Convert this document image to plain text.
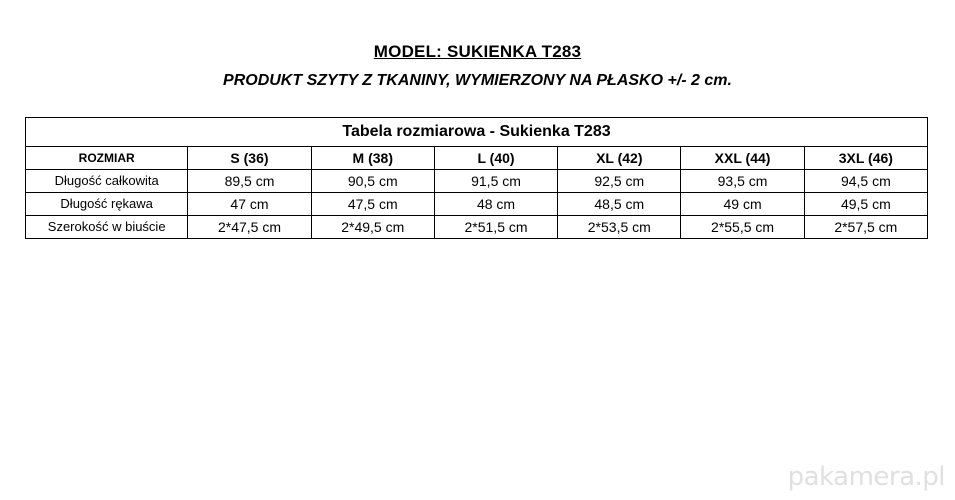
MODEL: SUKIENKA T283
PRODUKT SZYTY Z TKANINY, WYMIERZONY NA PŁASKO +/- 2 cm.
Tabela rozmiarowa - Sukienka T283						
ROZMIAR	S (36)	M (38)	L (40)	XL (42)	XXL (44)	3XL (46)
Długość całkowita	89,5 cm	90,5 cm	91,5 cm	92,5 cm	93,5 cm	94,5 cm
Długość rękawa	47 cm	47,5 cm	48 cm	48,5 cm	49 cm	49,5 cm
Szerokość w biuście	2*47,5 cm	2*49,5 cm	2*51,5 cm	2*53,5 cm	2*55,5 cm	2*57,5 cm
pakamera.pl
